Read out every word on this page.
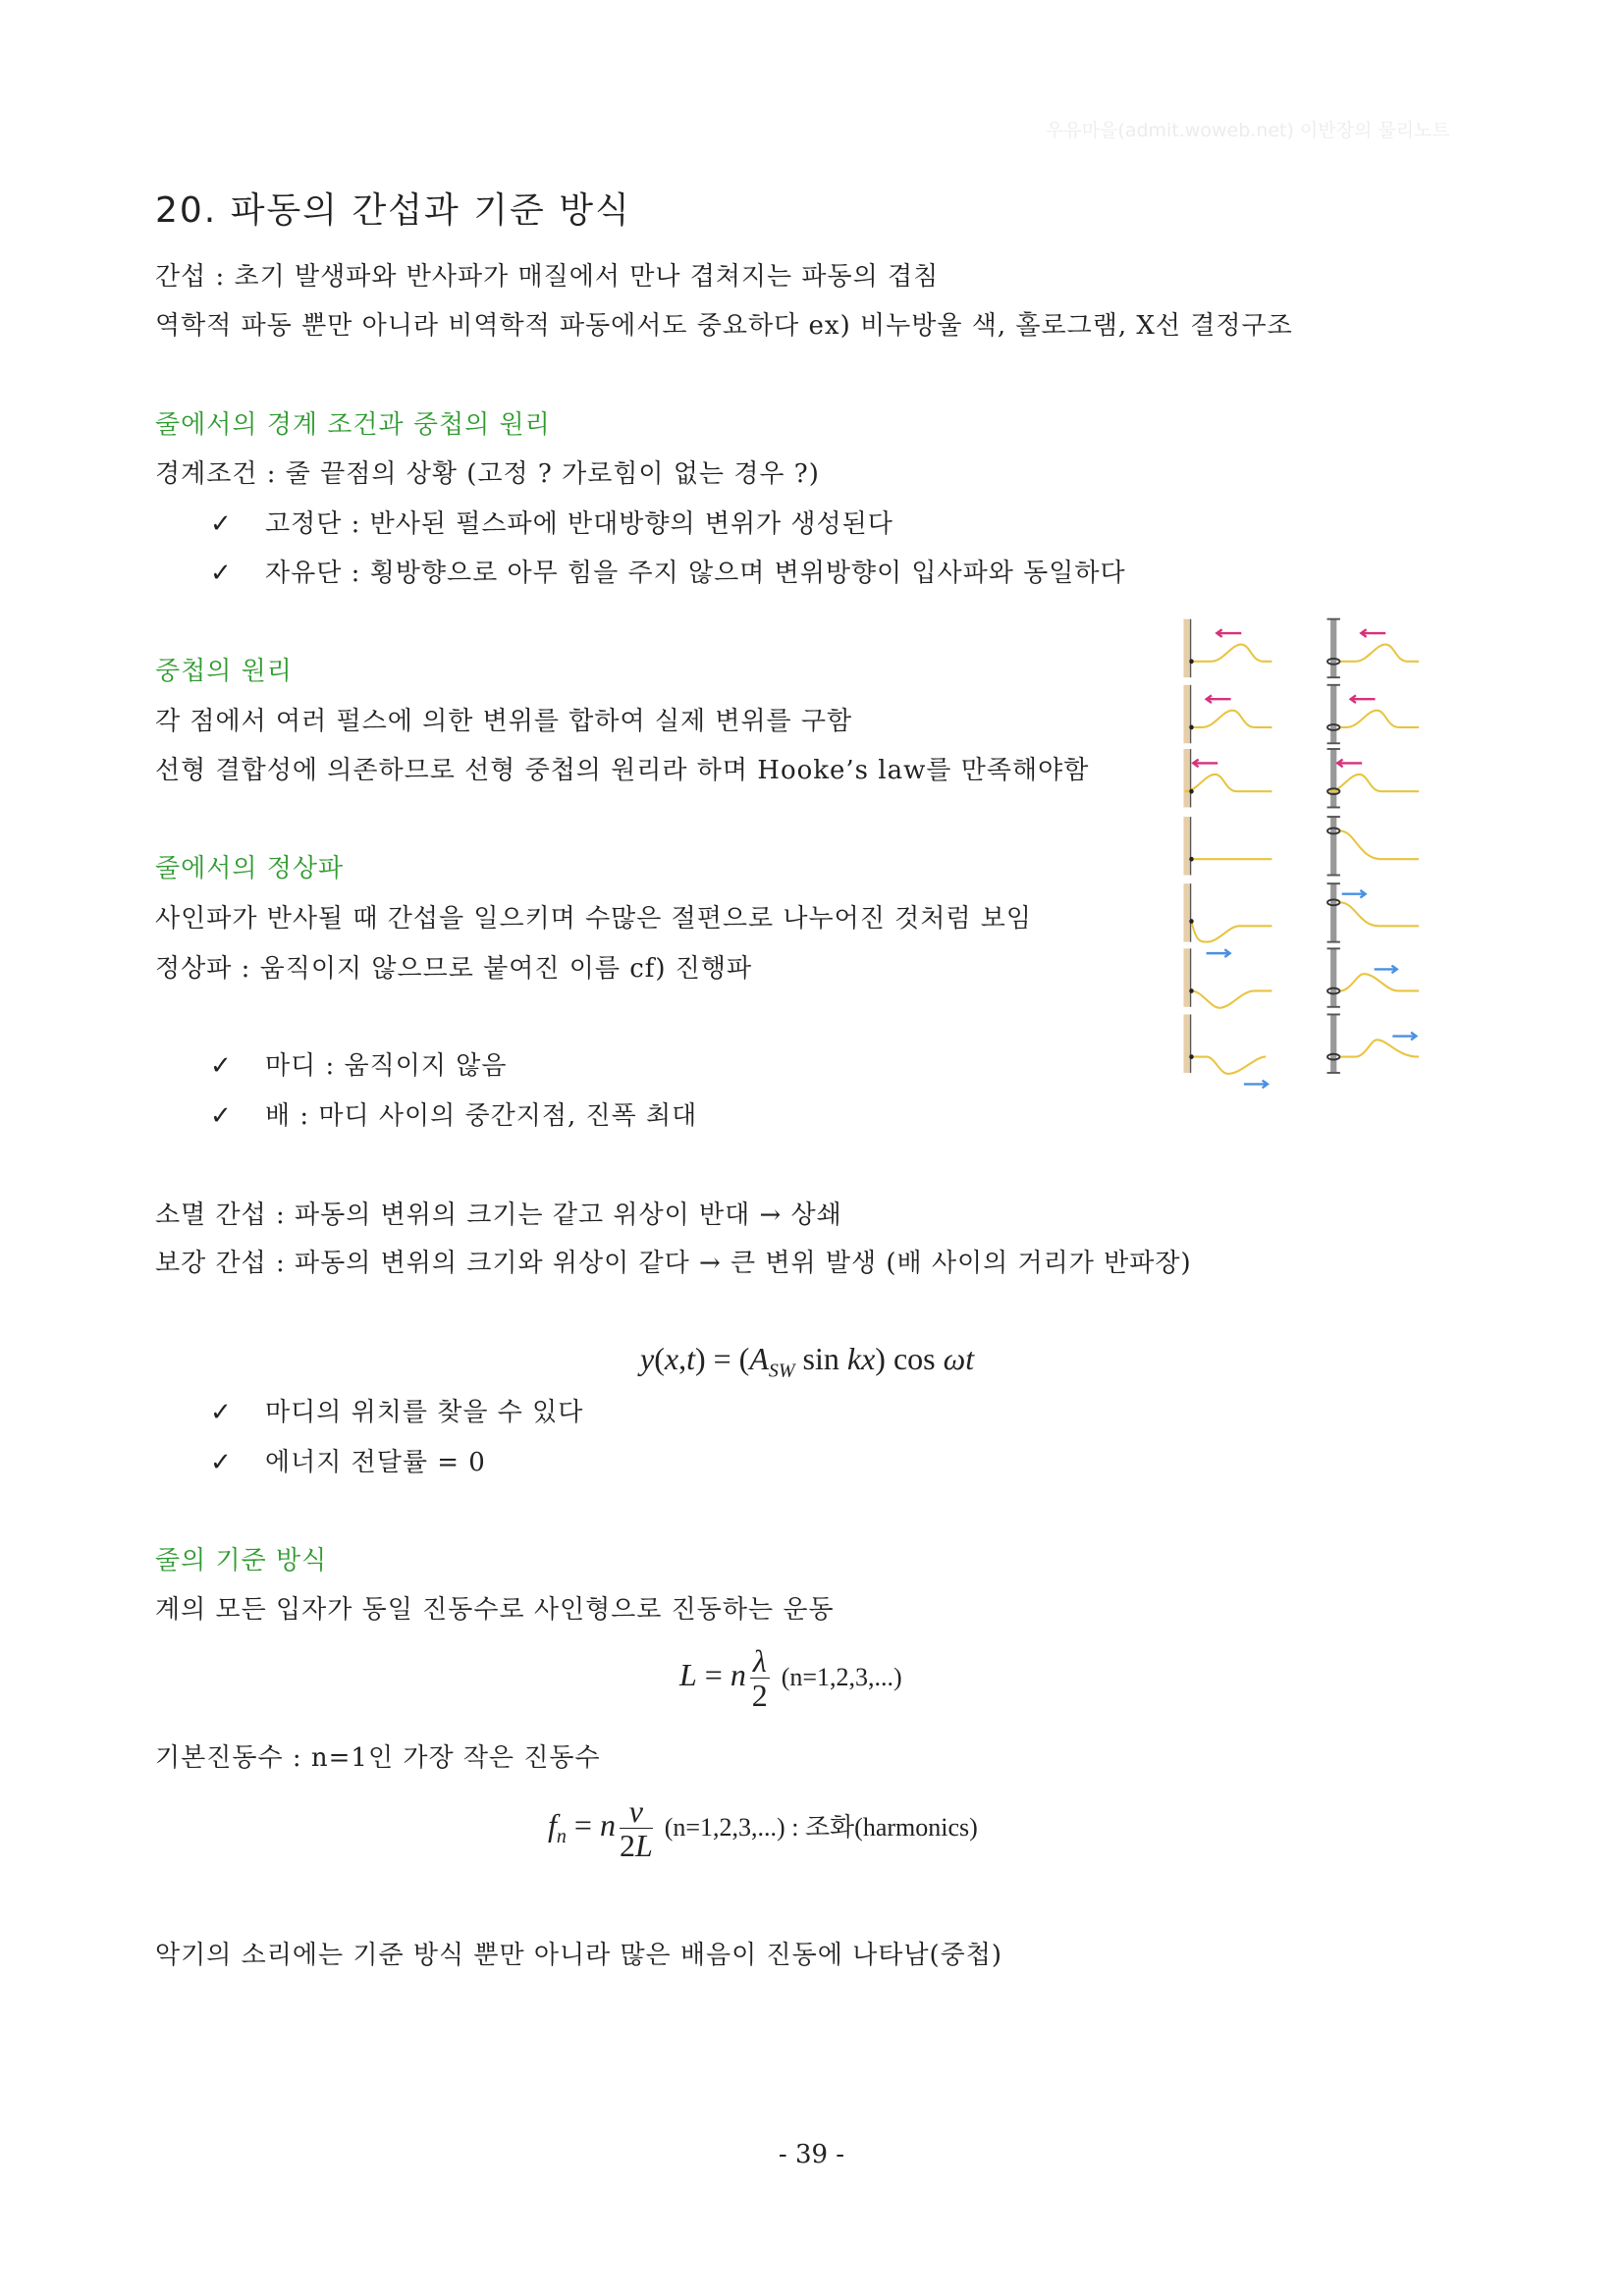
우유마을(admit.woweb.net) 이반장의 물리노트
20. 파동의 간섭과 기준 방식
간섭 : 초기 발생파와 반사파가 매질에서 만나 겹쳐지는 파동의 겹침
역학적 파동 뿐만 아니라 비역학적 파동에서도 중요하다 ex) 비누방울 색, 홀로그램, X선 결정구조
줄에서의 경계 조건과 중첩의 원리
경계조건 : 줄 끝점의 상황 (고정 ? 가로힘이 없는 경우 ?)
✓ 고정단 : 반사된 펄스파에 반대방향의 변위가 생성된다
✓ 자유단 : 횡방향으로 아무 힘을 주지 않으며 변위방향이 입사파와 동일하다
중첩의 원리
각 점에서 여러 펄스에 의한 변위를 합하여 실제 변위를 구함
선형 결합성에 의존하므로 선형 중첩의 원리라 하며 Hooke’s law를 만족해야함
줄에서의 정상파
사인파가 반사될 때 간섭을 일으키며 수많은 절편으로 나누어진 것처럼 보임
정상파 : 움직이지 않으므로 붙여진 이름 cf) 진행파
✓ 마디 : 움직이지 않음
✓ 배 : 마디 사이의 중간지점, 진폭 최대
소멸 간섭 : 파동의 변위의 크기는 같고 위상이 반대 → 상쇄
보강 간섭 : 파동의 변위의 크기와 위상이 같다 → 큰 변위 발생 (배 사이의 거리가 반파장)
$y(x,t) = (A_{SW}$ sin kx) cos ωt
✓ 마디의 위치를 찾을 수 있다
✓ 에너지 전달률 = 0
줄의 기준 방식
계의 모든 입자가 동일 진동수로 사인형으로 진동하는 운동
L = n $\frac{\lambda}{2} (n=1,2,3,...)$
기본진동수 : n=1인 가장 작은 진동수
$f_n = n \frac{v}{2L} (n=1,2,3,...)$ : 조화(harmonics)
악기의 소리에는 기준 방식 뿐만 아니라 많은 배음이 진동에 나타남(중첩)
- 39 -
